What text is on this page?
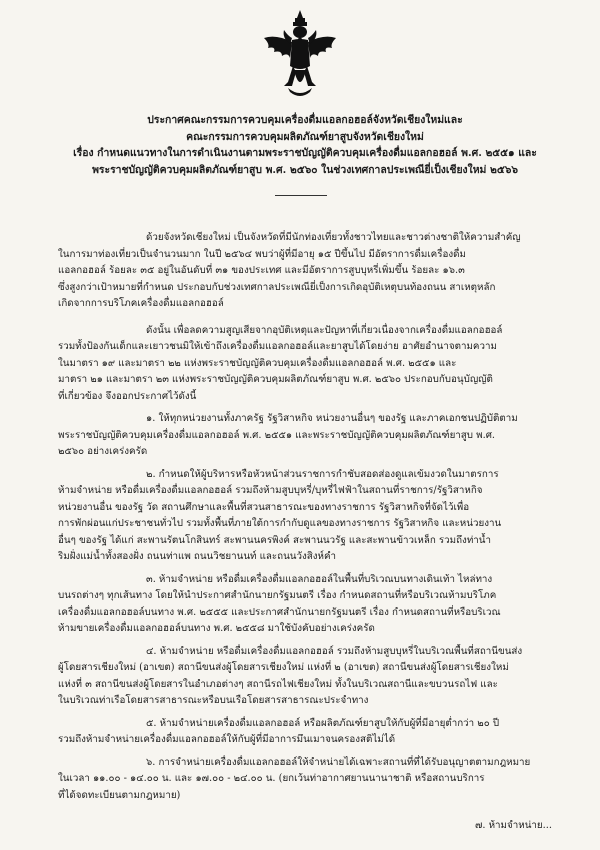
ประกาศคณะกรรมการควบคุมเครื่องดื่มแอลกอฮอล์จังหวัดเชียงใหม่และ
คณะกรรมการควบคุมผลิตภัณฑ์ยาสูบจังหวัดเชียงใหม่
เรื่อง กำหนดแนวทางในการดำเนินงานตามพระราชบัญญัติควบคุมเครื่องดื่มแอลกอฮอล์ พ.ศ. ๒๕๕๑ และ
พระราชบัญญัติควบคุมผลิตภัณฑ์ยาสูบ พ.ศ. ๒๕๖๐ ในช่วงเทศกาลประเพณียี่เป็งเชียงใหม่ ๒๕๖๖
ด้วยจังหวัดเชียงใหม่ เป็นจังหวัดที่มีนักท่องเที่ยวทั้งชาวไทยและชาวต่างชาติให้ความสำคัญ
ในการมาท่องเที่ยวเป็นจำนวนมาก ในปี ๒๕๖๔ พบว่าผู้ที่มีอายุ ๑๕ ปีขึ้นไป มีอัตราการดื่มเครื่องดื่ม
แอลกอฮอล์ ร้อยละ ๓๕ อยู่ในอันดับที่ ๓๑ ของประเทศ และมีอัตราการสูบบุหรี่เพิ่มขึ้น ร้อยละ ๑๖.๓
ซึ่งสูงกว่าเป้าหมายที่กำหนด ประกอบกับช่วงเทศกาลประเพณียี่เป็งการเกิดอุบัติเหตุบนท้องถนน สาเหตุหลัก
เกิดจากการบริโภคเครื่องดื่มแอลกอฮอล์
ดังนั้น เพื่อลดความสูญเสียจากอุบัติเหตุและปัญหาที่เกี่ยวเนื่องจากเครื่องดื่มแอลกอฮอล์
รวมทั้งป้องกันเด็กและเยาวชนมิให้เข้าถึงเครื่องดื่มแอลกอฮอล์และยาสูบได้โดยง่าย อาศัยอำนาจตามความ
ในมาตรา ๑๙ และมาตรา ๒๒ แห่งพระราชบัญญัติควบคุมเครื่องดื่มแอลกอฮอล์ พ.ศ. ๒๕๕๑ และ
มาตรา ๒๑ และมาตรา ๒๓ แห่งพระราชบัญญัติควบคุมผลิตภัณฑ์ยาสูบ พ.ศ. ๒๕๖๐ ประกอบกับอนุบัญญัติ
ที่เกี่ยวข้อง จึงออกประกาศไว้ดังนี้
๑. ให้ทุกหน่วยงานทั้งภาครัฐ รัฐวิสาหกิจ หน่วยงานอื่นๆ ของรัฐ และภาคเอกชนปฏิบัติตาม
พระราชบัญญัติควบคุมเครื่องดื่มแอลกอฮอล์ พ.ศ. ๒๕๕๑ และพระราชบัญญัติควบคุมผลิตภัณฑ์ยาสูบ พ.ศ.
๒๕๖๐ อย่างเคร่งครัด
๒. กำหนดให้ผู้บริหารหรือหัวหน้าส่วนราชการกำชับสอดส่องดูแลเข้มงวดในมาตรการ
ห้ามจำหน่าย หรือดื่มเครื่องดื่มแอลกอฮอล์ รวมถึงห้ามสูบบุหรี่/บุหรี่ไฟฟ้าในสถานที่ราชการ/รัฐวิสาหกิจ
หน่วยงานอื่น ของรัฐ วัด สถานศึกษาและพื้นที่สวนสาธารณะของทางราชการ รัฐวิสาหกิจที่จัดไว้เพื่อ
การพักผ่อนแก่ประชาชนทั่วไป รวมทั้งพื้นที่ภายใต้การกำกับดูแลของทางราชการ รัฐวิสาหกิจ และหน่วยงาน
อื่นๆ ของรัฐ ได้แก่ สะพานรัตนโกสินทร์ สะพานนครพิงค์ สะพานนวรัฐ และสะพานข้าวเหล็ก รวมถึงท่าน้ำ
ริมฝั่งแม่น้ำทั้งสองฝั่ง ถนนท่าแพ ถนนวิชยานนท์ และถนนวังสิงห์คำ
๓. ห้ามจำหน่าย หรือดื่มเครื่องดื่มแอลกอฮอล์ในพื้นที่บริเวณบนทางเดินเท้า ไหล่ทาง
บนรถต่างๆ ทุกเส้นทาง โดยให้นำประกาศสำนักนายกรัฐมนตรี เรื่อง กำหนดสถานที่หรือบริเวณห้ามบริโภค
เครื่องดื่มแอลกอฮอล์บนทาง พ.ศ. ๒๕๕๕ และประกาศสำนักนายกรัฐมนตรี เรื่อง กำหนดสถานที่หรือบริเวณ
ห้ามขายเครื่องดื่มแอลกอฮอล์บนทาง พ.ศ. ๒๕๕๘ มาใช้บังคับอย่างเคร่งครัด
๔. ห้ามจำหน่าย หรือดื่มเครื่องดื่มแอลกอฮอล์ รวมถึงห้ามสูบบุหรี่ในบริเวณพื้นที่สถานีขนส่ง
ผู้โดยสารเชียงใหม่ (อาเขต) สถานีขนส่งผู้โดยสารเชียงใหม่ แห่งที่ ๒ (อาเขต) สถานีขนส่งผู้โดยสารเชียงใหม่
แห่งที่ ๓ สถานีขนส่งผู้โดยสารในอำเภอต่างๆ สถานีรถไฟเชียงใหม่ ทั้งในบริเวณสถานีและขบวนรถไฟ และ
ในบริเวณท่าเรือโดยสารสาธารณะหรือบนเรือโดยสารสาธารณะประจำทาง
๕. ห้ามจำหน่ายเครื่องดื่มแอลกอฮอล์ หรือผลิตภัณฑ์ยาสูบให้กับผู้ที่มีอายุต่ำกว่า ๒๐ ปี
รวมถึงห้ามจำหน่ายเครื่องดื่มแอลกอฮอล์ให้กับผู้ที่มีอาการมึนเมาจนครองสติไม่ได้
๖. การจำหน่ายเครื่องดื่มแอลกอฮอล์ให้จำหน่ายได้เฉพาะสถานที่ที่ได้รับอนุญาตตามกฎหมาย
ในเวลา ๑๑.๐๐ - ๑๔.๐๐ น. และ ๑๗.๐๐ - ๒๔.๐๐ น. (ยกเว้นท่าอากาศยานนานาชาติ หรือสถานบริการ
ที่ได้จดทะเบียนตามกฎหมาย)
๗. ห้ามจำหน่าย...
